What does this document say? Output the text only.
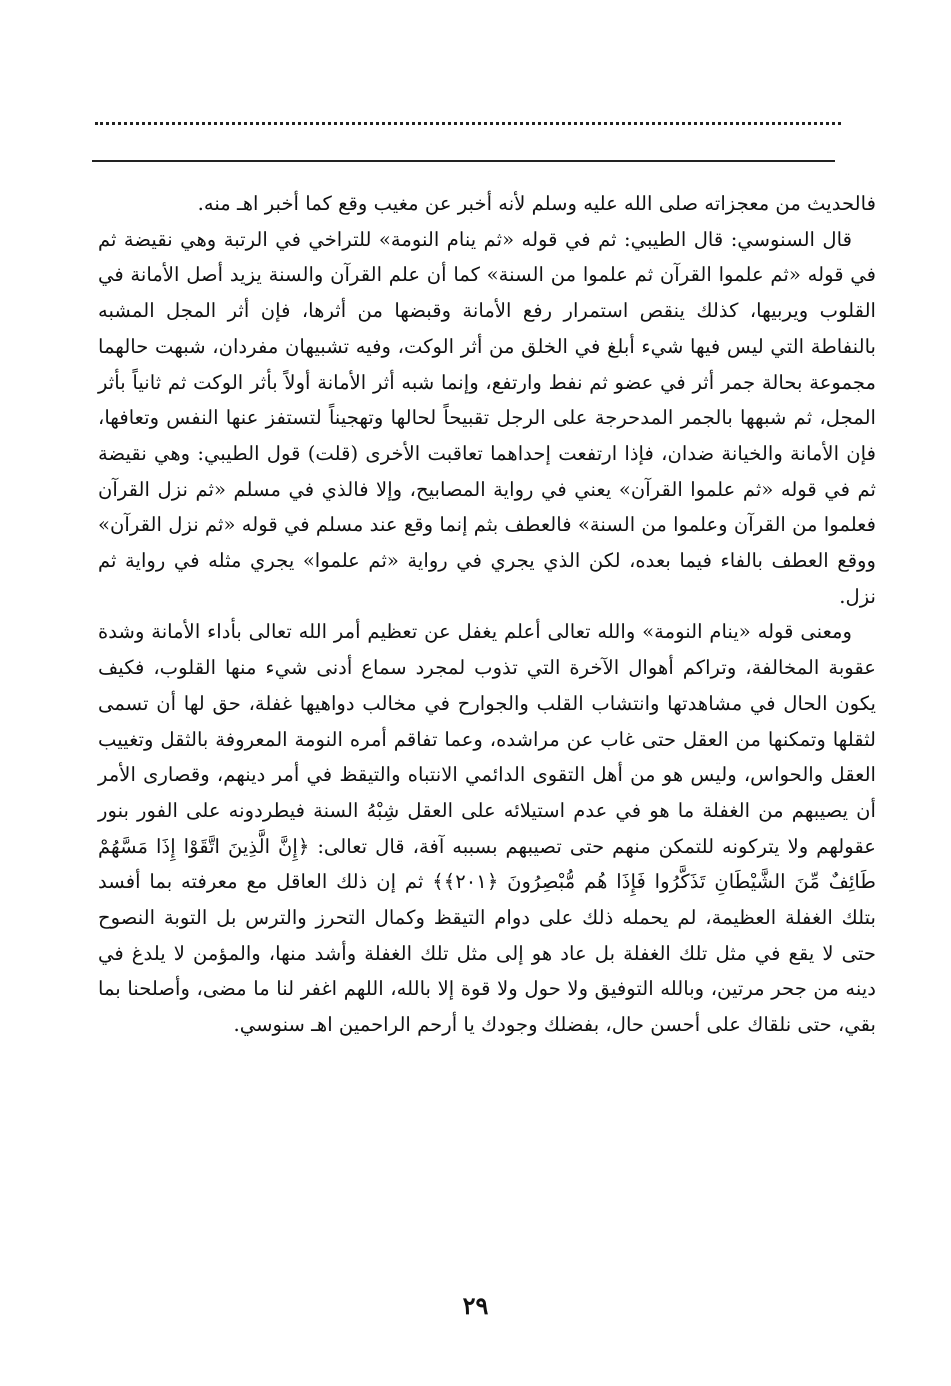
فالحديث من معجزاته صلى الله عليه وسلم لأنه أخبر عن مغيب وقع كما أخبر اهـ منه.

قال السنوسي: قال الطيبي: ثم في قوله «ثم ينام النومة» للتراخي في الرتبة وهي نقيضة ثم في قوله «ثم علموا القرآن ثم علموا من السنة» كما أن علم القرآن والسنة يزيد أصل الأمانة في القلوب ويربيها، كذلك ينقص استمرار رفع الأمانة وقبضها من أثرها، فإن أثر المجل المشبه بالنفاطة التي ليس فيها شيء أبلغ في الخلق من أثر الوكت، وفيه تشبيهان مفردان، شبهت حالهما مجموعة بحالة جمر أثر في عضو ثم نفط وارتفع، وإنما شبه أثر الأمانة أولاً بأثر الوكت ثم ثانياً بأثر المجل، ثم شبهها بالجمر المدحرجة على الرجل تقبيحاً لحالها وتهجيناً لتستفز عنها النفس وتعافها، فإن الأمانة والخيانة ضدان، فإذا ارتفعت إحداهما تعاقبت الأخرى (قلت) قول الطيبي: وهي نقيضة ثم في قوله «ثم علموا القرآن» يعني في رواية المصابيح، وإلا فالذي في مسلم «ثم نزل القرآن فعلموا من القرآن وعلموا من السنة» فالعطف بثم إنما وقع عند مسلم في قوله «ثم نزل القرآن» ووقع العطف بالفاء فيما بعده، لكن الذي يجري في رواية «ثم علموا» يجري مثله في رواية ثم نزل.

ومعنى قوله «ينام النومة» والله تعالى أعلم يغفل عن تعظيم أمر الله تعالى بأداء الأمانة وشدة عقوبة المخالفة، وتراكم أهوال الآخرة التي تذوب لمجرد سماع أدنى شيء منها القلوب، فكيف يكون الحال في مشاهدتها وانتشاب القلب والجوارح في مخالب دواهيها غفلة، حق لها أن تسمى لثقلها وتمكنها من العقل حتى غاب عن مراشده، وعما تفاقم أمره النومة المعروفة بالثقل وتغييب العقل والحواس، وليس هو من أهل التقوى الدائمي الانتباه والتيقظ في أمر دينهم، وقصارى الأمر أن يصيبهم من الغفلة ما هو في عدم استيلائه على العقل شِبْهُ السنة فيطردونه على الفور بنور عقولهم ولا يتركونه للتمكن منهم حتى تصيبهم بسببه آفة، قال تعالى: ﴿إِنَّ الَّذِينَ اتَّقَوْا إِذَا مَسَّهُمْ طَائِفٌ مِّنَ الشَّيْطَانِ تَذَكَّرُوا فَإِذَا هُم مُّبْصِرُونَ ﴿٢٠١﴾﴾ ثم إن ذلك العاقل مع معرفته بما أفسد بتلك الغفلة العظيمة، لم يحمله ذلك على دوام التيقظ وكمال التحرز والترس بل التوبة النصوح حتى لا يقع في مثل تلك الغفلة بل عاد هو إلى مثل تلك الغفلة وأشد منها، والمؤمن لا يلدغ في دينه من جحر مرتين، وبالله التوفيق ولا حول ولا قوة إلا بالله، اللهم اغفر لنا ما مضى، وأصلحنا بما بقي، حتى نلقاك على أحسن حال، بفضلك وجودك يا أرحم الراحمين اهـ سنوسي.

٢٩
